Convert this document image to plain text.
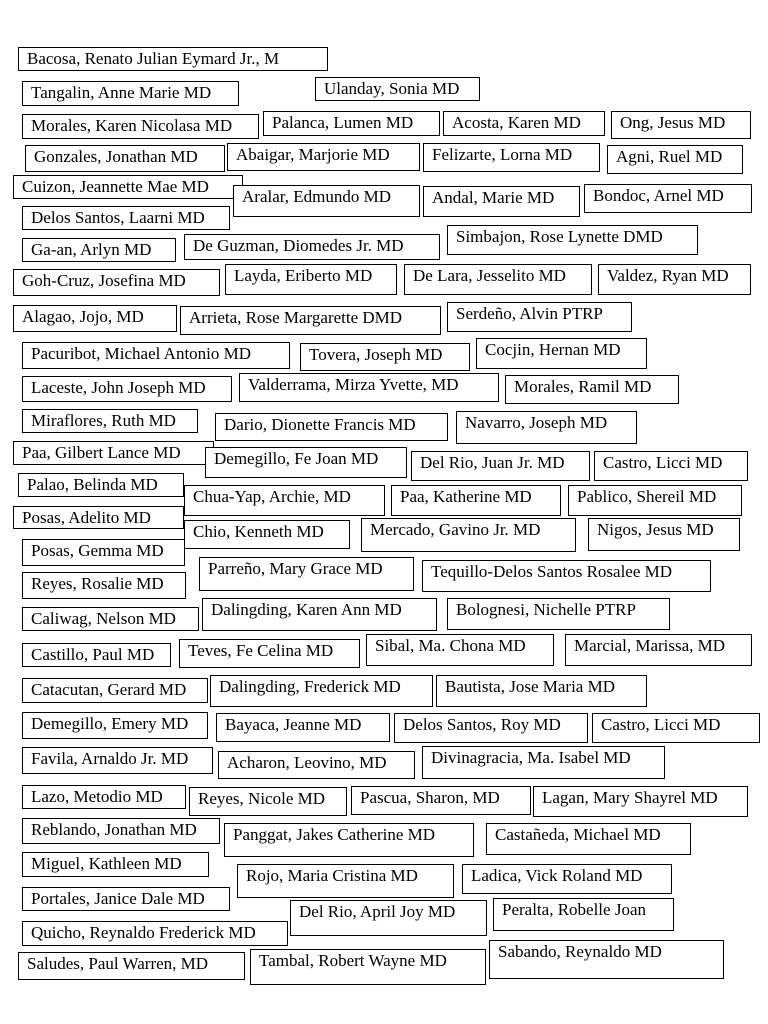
Bacosa, Renato Julian Eymard Jr., M
Tangalin, Anne Marie MD	Ulanday, Sonia MD
Morales, Karen Nicolasa MD	Palanca, Lumen MD	Acosta, Karen MD	Ong, Jesus MD
Gonzales, Jonathan MD	Abaigar, Marjorie MD	Felizarte, Lorna MD	Agni, Ruel MD
Cuizon, Jeannette Mae MD
Aralar, Edmundo MD	Andal, Marie MD	Bondoc, Arnel MD
Delos Santos, Laarni MD
Ga-an, Arlyn MD	De Guzman, Diomedes Jr. MD	Simbajon, Rose Lynette DMD
Goh-Cruz, Josefina MD	Layda, Eriberto MD	De Lara, Jesselito MD	Valdez, Ryan MD
Alagao, Jojo, MD	Arrieta, Rose Margarette DMD	Serdeño, Alvin PTRP
Pacuribot, Michael Antonio MD	Tovera, Joseph MD	Cocjin, Hernan MD
Laceste, John Joseph MD	Valderrama, Mirza Yvette, MD	Morales, Ramil MD
Miraflores, Ruth MD	Dario, Dionette Francis MD	Navarro, Joseph MD
Paa, Gilbert Lance MD	Demegillo, Fe Joan MD	Del Rio, Juan Jr. MD	Castro, Licci MD
Palao, Belinda MD
Chua-Yap, Archie, MD	Paa, Katherine MD	Pablico, Shereil MD
Posas, Adelito MD
Chio, Kenneth MD	Mercado, Gavino Jr. MD	Nigos, Jesus MD
Posas, Gemma MD
Parreño, Mary Grace MD	Tequillo-Delos Santos Rosalee MD
Reyes, Rosalie MD
Caliwag, Nelson MD	Dalingding, Karen Ann MD	Bolognesi, Nichelle PTRP
Castillo, Paul MD	Teves, Fe Celina MD	Sibal, Ma. Chona MD	Marcial, Marissa, MD
Catacutan, Gerard MD	Dalingding, Frederick MD	Bautista, Jose Maria MD
Demegillo, Emery MD	Bayaca, Jeanne MD	Delos Santos, Roy MD	Castro, Licci MD
Favila, Arnaldo Jr. MD	Acharon, Leovino, MD	Divinagracia, Ma. Isabel MD
Lazo, Metodio MD	Reyes, Nicole MD	Pascua, Sharon, MD	Lagan, Mary Shayrel MD
Reblando, Jonathan MD	Panggat, Jakes Catherine MD	Castañeda, Michael MD
Miguel, Kathleen MD
Rojo, Maria Cristina MD	Ladica, Vick Roland MD
Portales, Janice Dale MD
Del Rio, April Joy MD	Peralta, Robelle Joan
Quicho, Reynaldo Frederick MD
Saludes, Paul Warren, MD	Tambal, Robert Wayne MD	Sabando, Reynaldo MD
